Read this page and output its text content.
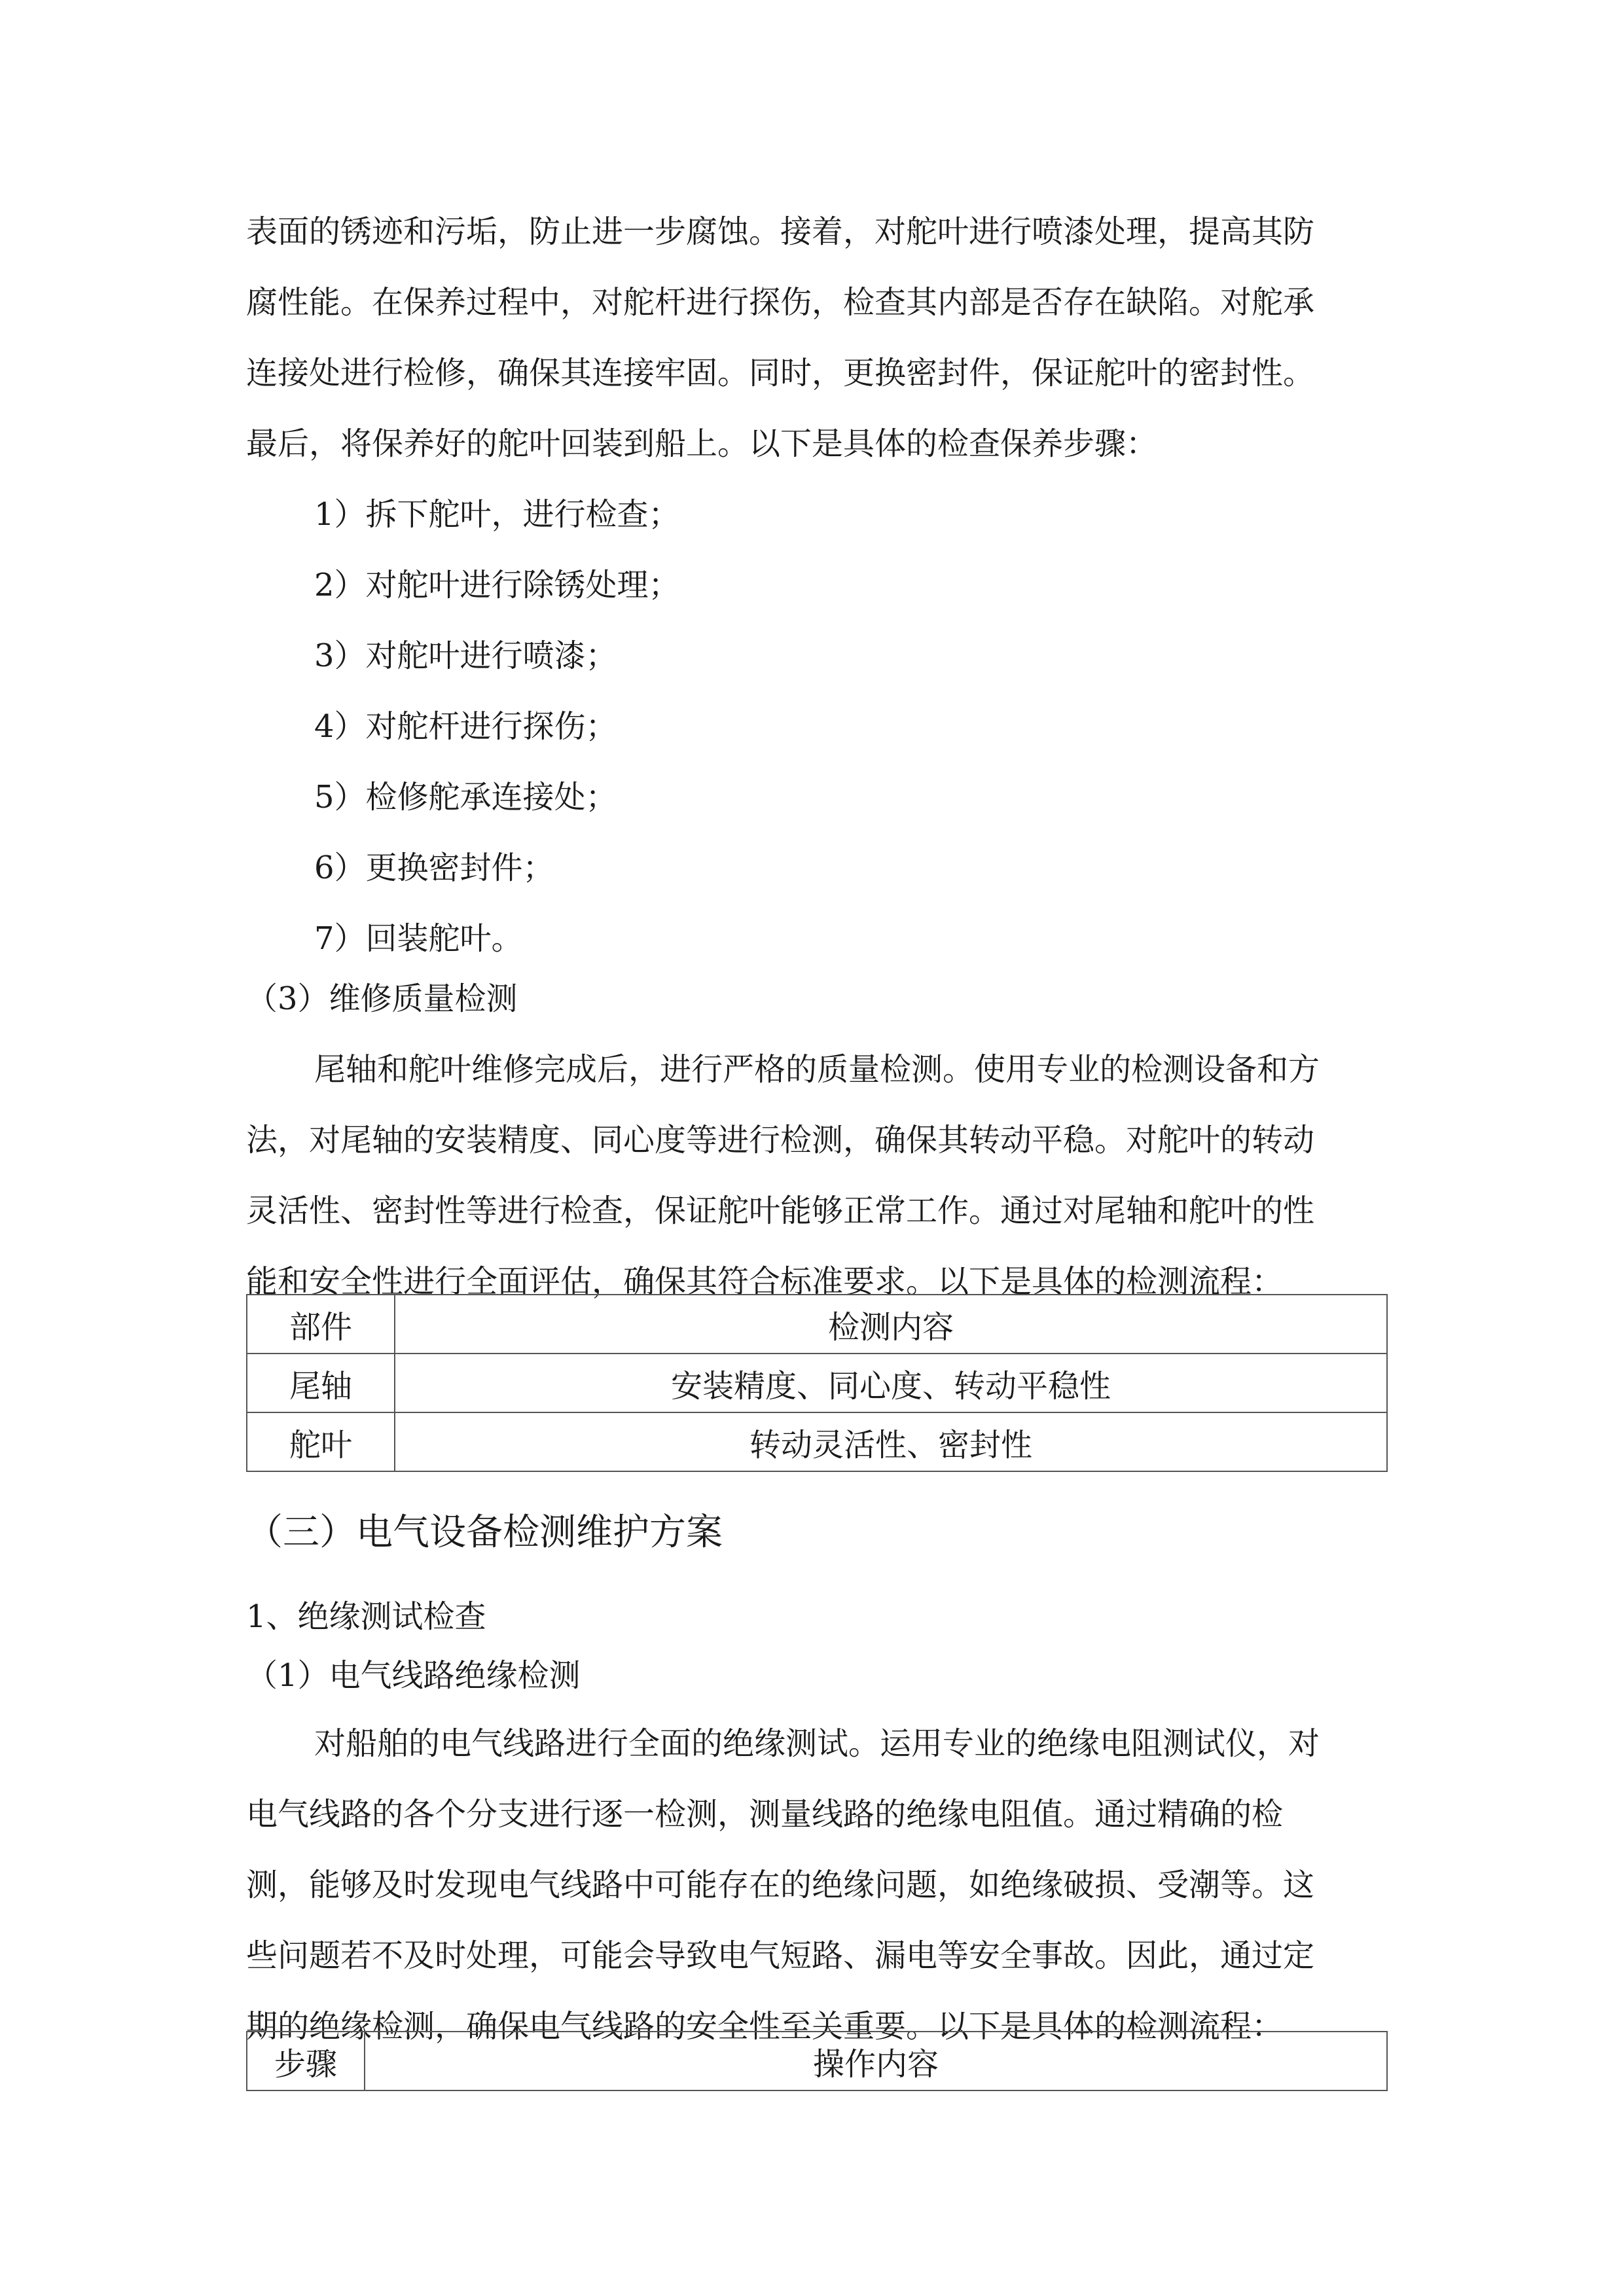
表面的锈迹和污垢，防止进一步腐蚀。接着，对舵叶进行喷漆处理，提高其防
腐性能。在保养过程中，对舵杆进行探伤，检查其内部是否存在缺陷。对舵承
连接处进行检修，确保其连接牢固。同时，更换密封件，保证舵叶的密封性。
最后，将保养好的舵叶回装到船上。以下是具体的检查保养步骤：
1）拆下舵叶，进行检查；
2）对舵叶进行除锈处理；
3）对舵叶进行喷漆；
4）对舵杆进行探伤；
5）检修舵承连接处；
6）更换密封件；
7）回装舵叶。
（3）维修质量检测
尾轴和舵叶维修完成后，进行严格的质量检测。使用专业的检测设备和方
法，对尾轴的安装精度、同心度等进行检测，确保其转动平稳。对舵叶的转动
灵活性、密封性等进行检查，保证舵叶能够正常工作。通过对尾轴和舵叶的性
能和安全性进行全面评估，确保其符合标准要求。以下是具体的检测流程：
部件	检测内容
尾轴	安装精度、同心度、转动平稳性
舵叶	转动灵活性、密封性
（三）电气设备检测维护方案
1、绝缘测试检查
（1）电气线路绝缘检测
对船舶的电气线路进行全面的绝缘测试。运用专业的绝缘电阻测试仪，对
电气线路的各个分支进行逐一检测，测量线路的绝缘电阻值。通过精确的检
测，能够及时发现电气线路中可能存在的绝缘问题，如绝缘破损、受潮等。这
些问题若不及时处理，可能会导致电气短路、漏电等安全事故。因此，通过定
期的绝缘检测，确保电气线路的安全性至关重要。以下是具体的检测流程：
步骤	操作内容
